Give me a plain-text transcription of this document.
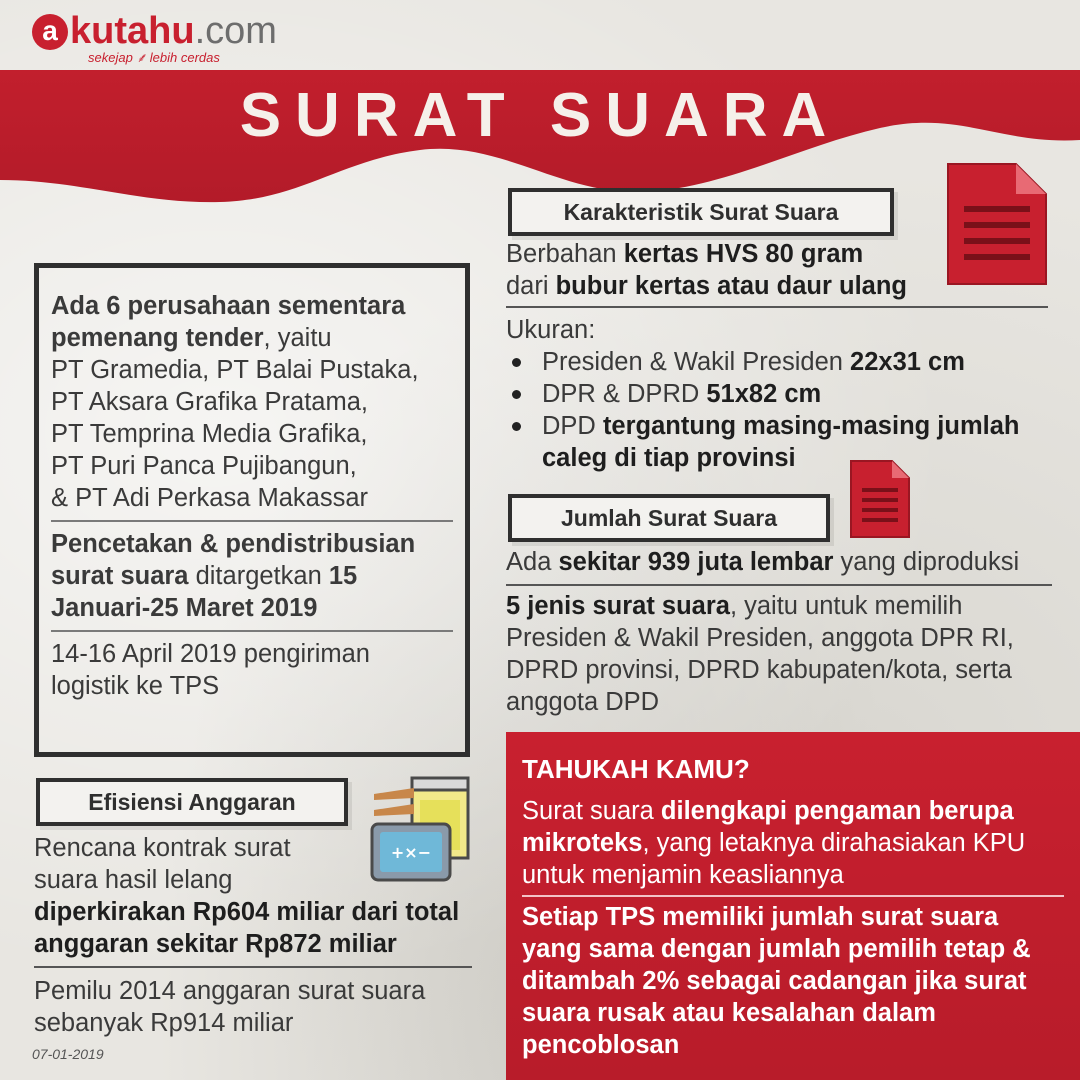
a kutahu.com
sekejap ⸙ lebih cerdas
SURAT SUARA
Ada 6 perusahaan sementara pemenang tender, yaitu
PT Gramedia, PT Balai Pustaka,
PT Aksara Grafika Pratama,
PT Temprina Media Grafika,
PT Puri Panca Pujibangun,
& PT Adi Perkasa Makassar
Pencetakan & pendistribusian surat suara ditargetkan 15 Januari-25 Maret 2019
14-16 April 2019 pengiriman logistik ke TPS
Efisiensi Anggaran
+×−
Rencana kontrak surat suara hasil lelang
diperkirakan Rp604 miliar dari total anggaran sekitar Rp872 miliar
Pemilu 2014 anggaran surat suara sebanyak Rp914 miliar
Karakteristik Surat Suara
Berbahan kertas HVS 80 gram
dari bubur kertas atau daur ulang
Ukuran:
Presiden & Wakil Presiden 22x31 cm
DPR & DPRD 51x82 cm
DPD tergantung masing-masing jumlah caleg di tiap provinsi
Jumlah Surat Suara
Ada sekitar 939 juta lembar yang diproduksi
5 jenis surat suara, yaitu untuk memilih Presiden & Wakil Presiden, anggota DPR RI, DPRD provinsi, DPRD kabupaten/kota, serta anggota DPD
TAHUKAH KAMU?
Surat suara dilengkapi pengaman berupa mikroteks, yang letaknya dirahasiakan KPU untuk menjamin keasliannya
Setiap TPS memiliki jumlah surat suara yang sama dengan jumlah pemilih tetap & ditambah 2% sebagai cadangan jika surat suara rusak atau kesalahan dalam pencoblosan
07-01-2019
